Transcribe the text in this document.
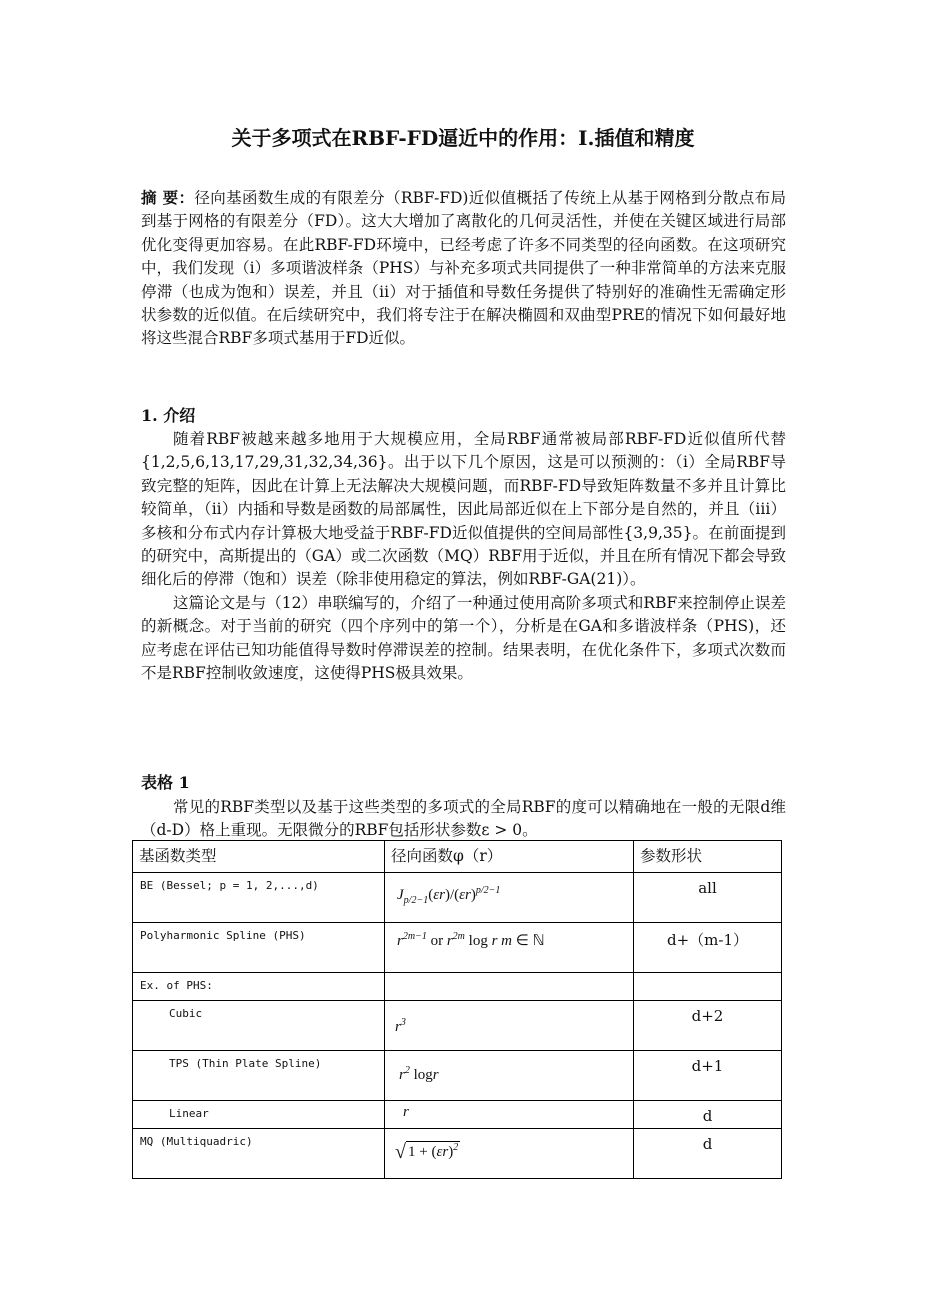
关于多项式在RBF-FD逼近中的作用：I.插值和精度
摘 要：径向基函数生成的有限差分（RBF-FD)近似值概括了传统上从基于网格到分散点布局到基于网格的有限差分（FD）。这大大增加了离散化的几何灵活性，并使在关键区域进行局部优化变得更加容易。在此RBF-FD环境中，已经考虑了许多不同类型的径向函数。在这项研究中，我们发现（i）多项谐波样条（PHS）与补充多项式共同提供了一种非常简单的方法来克服停滞（也成为饱和）误差，并且（ii）对于插值和导数任务提供了特别好的准确性无需确定形状参数的近似值。在后续研究中，我们将专注于在解决椭圆和双曲型PRE的情况下如何最好地将这些混合RBF多项式基用于FD近似。
1. 介绍

随着RBF被越来越多地用于大规模应用，全局RBF通常被局部RBF-FD近似值所代替{1,2,5,6,13,17,29,31,32,34,36}。出于以下几个原因，这是可以预测的：（i）全局RBF导致完整的矩阵，因此在计算上无法解决大规模问题，而RBF-FD导致矩阵数量不多并且计算比较简单，（ii）内插和导数是函数的局部属性，因此局部近似在上下部分是自然的，并且（iii）多核和分布式内存计算极大地受益于RBF-FD近似值提供的空间局部性{3,9,35}。在前面提到的研究中，高斯提出的（GA）或二次函数（MQ）RBF用于近似，并且在所有情况下都会导致细化后的停滞（饱和）误差（除非使用稳定的算法，例如RBF-GA(21)）。

这篇论文是与（12）串联编写的，介绍了一种通过使用高阶多项式和RBF来控制停止误差的新概念。对于当前的研究（四个序列中的第一个），分析是在GA和多谐波样条（PHS)，还应考虑在评估已知功能值得导数时停滞误差的控制。结果表明，在优化条件下，多项式次数而不是RBF控制收敛速度，这使得PHS极具效果。

表格 1

常见的RBF类型以及基于这些类型的多项式的全局RBF的度可以精确地在一般的无限d维（d-D）格上重现。无限微分的RBF包括形状参数ε > 0。

基函数类型	径向函数φ（r）	参数形状
BE (Bessel; p = 1, 2,...,d)	$J_{p/2-1}(\varepsilon r)/(\varepsilon r)^{p/2-1}$	all
Polyharmonic Spline (PHS)	$r^{2m-1}$ or $r^{2m}$ log r m ∈ ℕ	d+（m-1）
Ex. of PHS:		
Cubic	$r^3$	d+2
TPS (Thin Plate Spline)	$r^2$ logr	d+1
Linear	r	d
MQ (Multiquadric)	√ $1 + (\varepsilon r)^2$	d
